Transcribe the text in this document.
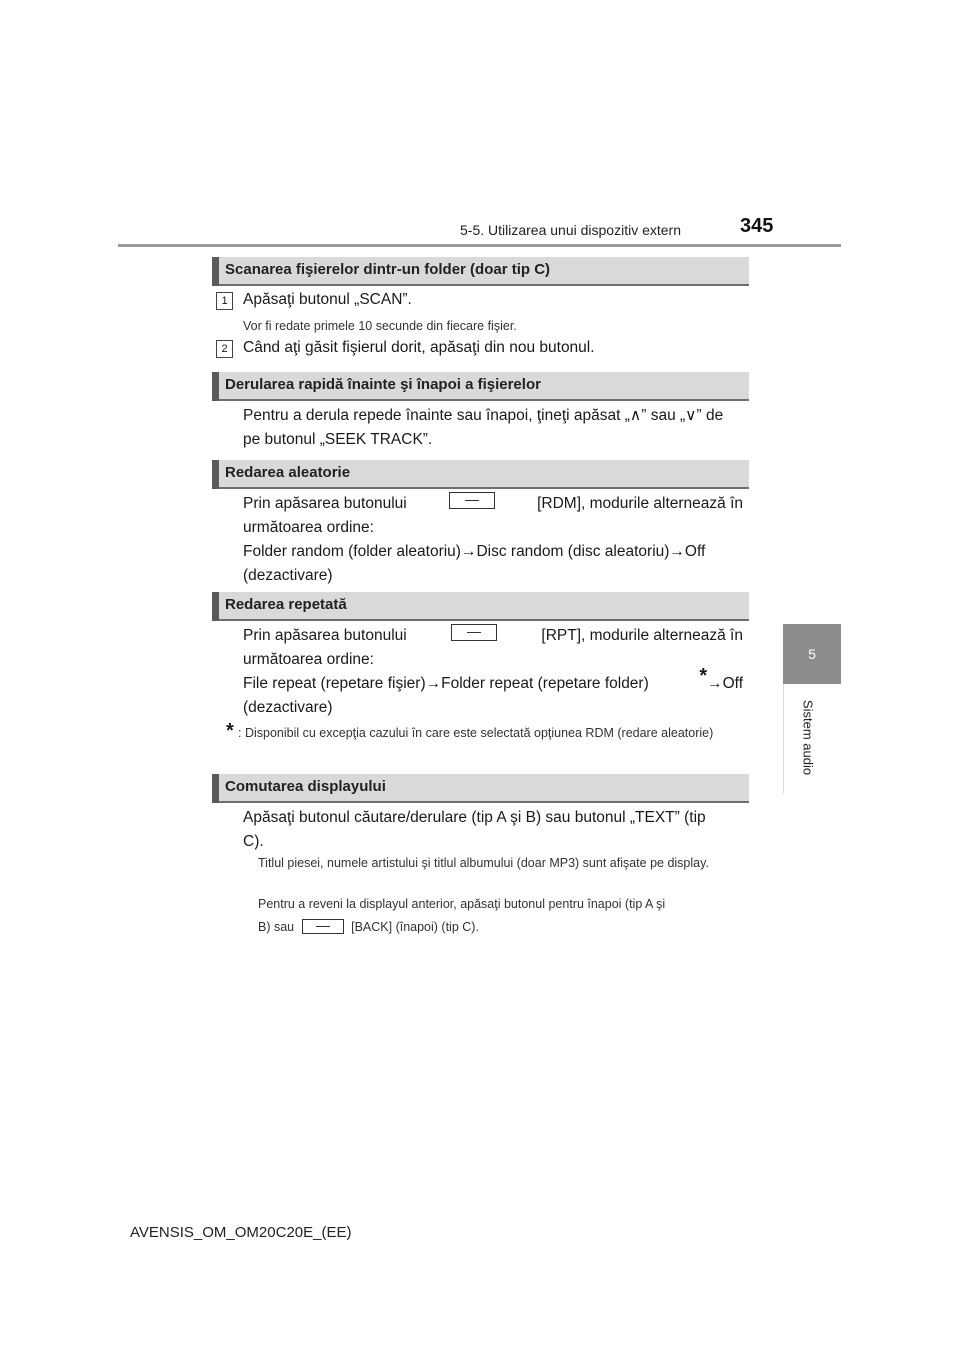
5-5. Utilizarea unui dispozitiv extern	345
5
Sistem audio
Scanarea fişierelor dintr-un folder (doar tip C)
1 Apăsaţi butonul „SCAN”.
Vor fi redate primele 10 secunde din fiecare fişier.
2 Când aţi găsit fişierul dorit, apăsaţi din nou butonul.
Derularea rapidă înainte şi înapoi a fişierelor
Pentru a derula repede înainte sau înapoi, ţineţi apăsat „∧” sau „∨” de
pe butonul „SEEK TRACK”.
Redarea aleatorie
Prin apăsarea butonului	[RDM], modurile alternează în
următoarea ordine:
Folder random (folder aleatoriu)→Disc random (disc aleatoriu)→Off
(dezactivare)
Redarea repetată
Prin apăsarea butonului	[RPT], modurile alternează în
următoarea ordine:
File repeat (repetare fişier)→Folder repeat (repetare folder)	*→Off
(dezactivare)
* : Disponibil cu excepţia cazului în care este selectată opţiunea RDM (redare aleatorie)
Comutarea displayului
Apăsaţi butonul căutare/derulare (tip A şi B) sau butonul „TEXT” (tip
C).
Titlul piesei, numele artistului şi titlul albumului (doar MP3) sunt afişate pe display.
Pentru a reveni la displayul anterior, apăsaţi butonul pentru înapoi (tip A şi
B) sau	[BACK] (înapoi) (tip C).
AVENSIS_OM_OM20C20E_(EE)
